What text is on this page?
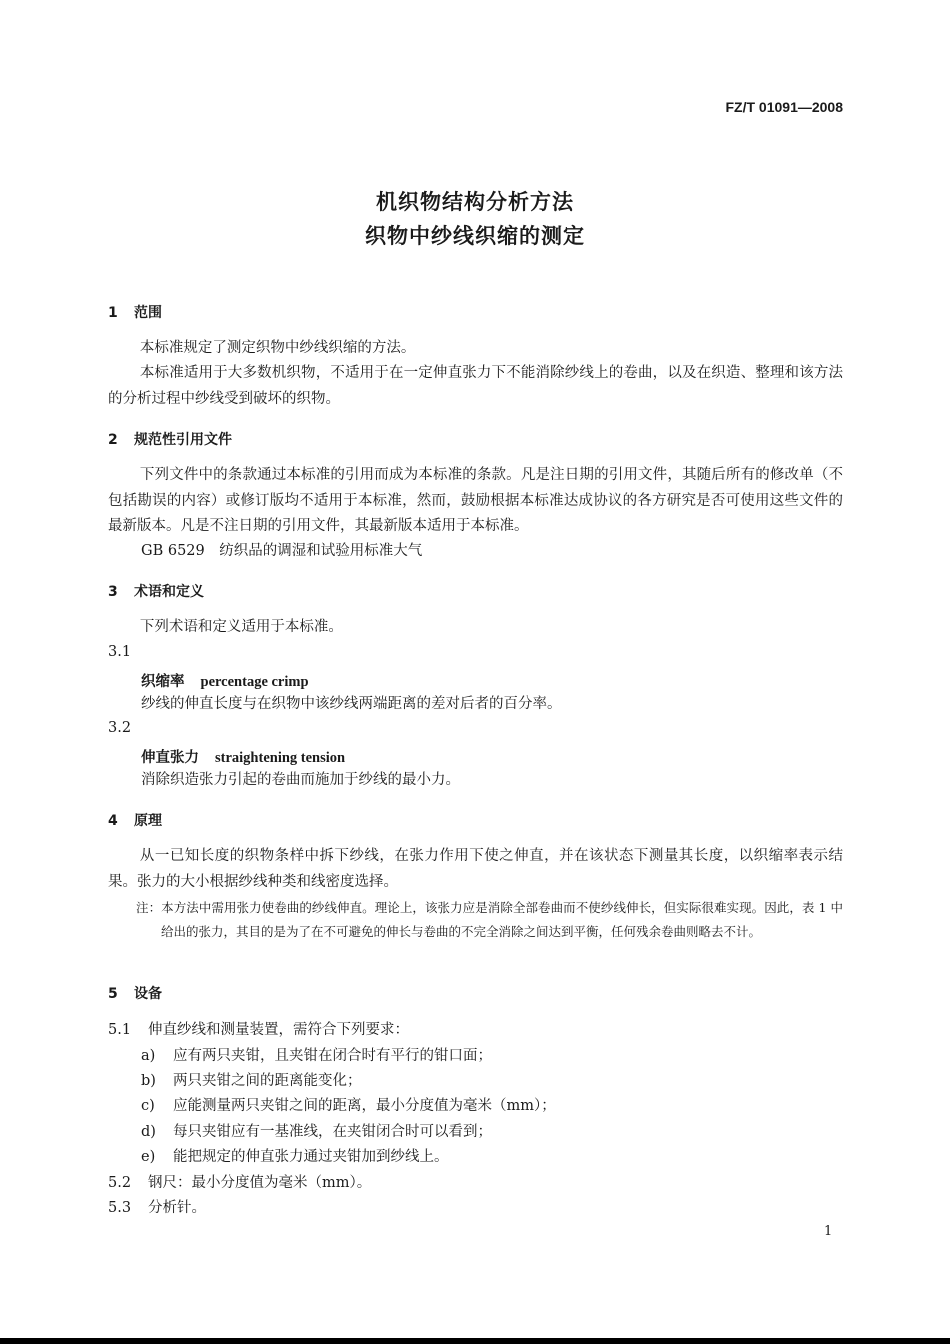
FZ/T 01091—2008
机织物结构分析方法
织物中纱线织缩的测定
1 范围
本标准规定了测定织物中纱线织缩的方法。
本标准适用于大多数机织物，不适用于在一定伸直张力下不能消除纱线上的卷曲，以及在织造、整理和该方法的分析过程中纱线受到破坏的织物。
2 规范性引用文件
下列文件中的条款通过本标准的引用而成为本标准的条款。凡是注日期的引用文件，其随后所有的修改单（不包括勘误的内容）或修订版均不适用于本标准，然而，鼓励根据本标准达成协议的各方研究是否可使用这些文件的最新版本。凡是不注日期的引用文件，其最新版本适用于本标准。
GB 6529　纺织品的调湿和试验用标准大气
3 术语和定义
下列术语和定义适用于本标准。
3.1
织缩率 percentage crimp
纱线的伸直长度与在织物中该纱线两端距离的差对后者的百分率。
3.2
伸直张力 straightening tension
消除织造张力引起的卷曲而施加于纱线的最小力。
4 原理
从一已知长度的织物条样中拆下纱线，在张力作用下使之伸直，并在该状态下测量其长度，以织缩率表示结果。张力的大小根据纱线种类和线密度选择。
注：本方法中需用张力使卷曲的纱线伸直。理论上，该张力应是消除全部卷曲而不使纱线伸长，但实际很难实现。因此，表 1 中给出的张力，其目的是为了在不可避免的伸长与卷曲的不完全消除之间达到平衡，任何残余卷曲则略去不计。
5 设备
5.1 伸直纱线和测量装置，需符合下列要求：
a) 应有两只夹钳，且夹钳在闭合时有平行的钳口面；
b) 两只夹钳之间的距离能变化；
c) 应能测量两只夹钳之间的距离，最小分度值为毫米（mm）；
d) 每只夹钳应有一基准线，在夹钳闭合时可以看到；
e) 能把规定的伸直张力通过夹钳加到纱线上。
5.2 钢尺：最小分度值为毫米（mm）。
5.3 分析针。
1
